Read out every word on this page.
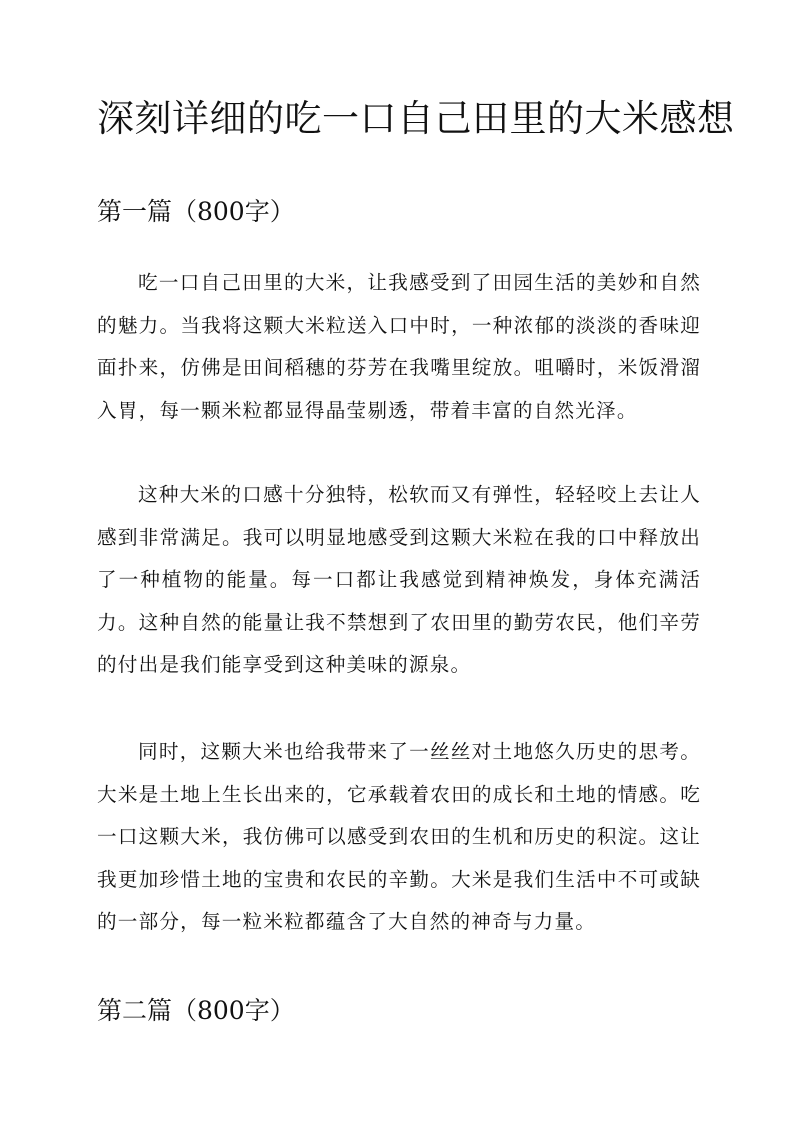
深刻详细的吃一口自己田里的大米感想
第一篇（800字）

吃一口自己田里的大米，让我感受到了田园生活的美妙和自然的魅力。当我将这颗大米粒送入口中时，一种浓郁的淡淡的香味迎面扑来，仿佛是田间稻穗的芬芳在我嘴里绽放。咀嚼时，米饭滑溜入胃，每一颗米粒都显得晶莹剔透，带着丰富的自然光泽。

这种大米的口感十分独特，松软而又有弹性，轻轻咬上去让人感到非常满足。我可以明显地感受到这颗大米粒在我的口中释放出了一种植物的能量。每一口都让我感觉到精神焕发，身体充满活力。这种自然的能量让我不禁想到了农田里的勤劳农民，他们辛劳的付出是我们能享受到这种美味的源泉。

同时，这颗大米也给我带来了一丝丝对土地悠久历史的思考。大米是土地上生长出来的，它承载着农田的成长和土地的情感。吃一口这颗大米，我仿佛可以感受到农田的生机和历史的积淀。这让我更加珍惜土地的宝贵和农民的辛勤。大米是我们生活中不可或缺的一部分，每一粒米粒都蕴含了大自然的神奇与力量。

第二篇（800字）
